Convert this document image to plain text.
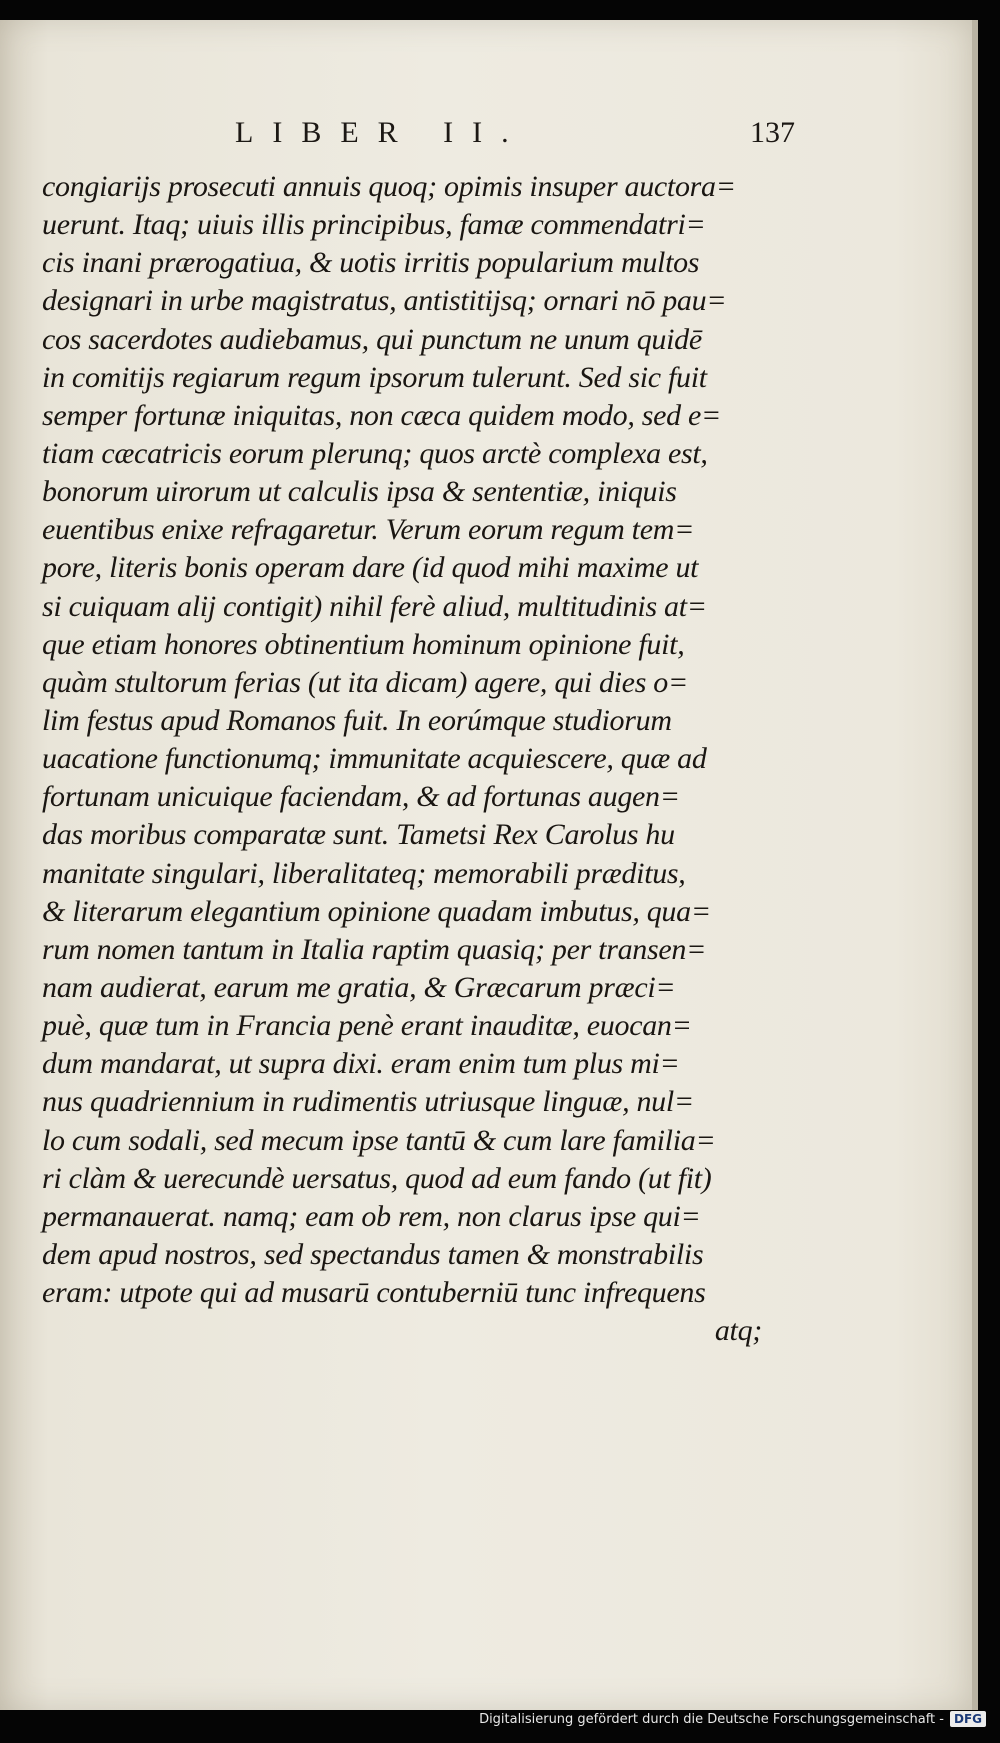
LIBER II.	137
congiarijs prosecuti annuis quoq; opimis insuper auctora=
uerunt. Itaq; uiuis illis principibus, famæ commendatri=
cis inani prærogatiua, & uotis irritis popularium multos
designari in urbe magistratus, antistitijsq; ornari nō pau=
cos sacerdotes audiebamus, qui punctum ne unum quidē
in comitijs regiarum regum ipsorum tulerunt. Sed sic fuit
semper fortunæ iniquitas, non cæca quidem modo, sed e=
tiam cæcatricis eorum plerunq; quos arctè complexa est,
bonorum uirorum ut calculis ipsa & sententiæ, iniquis
euentibus enixe refragaretur. Verum eorum regum tem=
pore, literis bonis operam dare (id quod mihi maxime ut
si cuiquam alij contigit) nihil ferè aliud, multitudinis at=
que etiam honores obtinentium hominum opinione fuit,
quàm stultorum ferias (ut ita dicam) agere, qui dies o=
lim festus apud Romanos fuit. In eorúmque studiorum
uacatione functionumq; immunitate acquiescere, quæ ad
fortunam unicuique faciendam, & ad fortunas augen=
das moribus comparatæ sunt. Tametsi Rex Carolus hu
manitate singulari, liberalitateq; memorabili præditus,
& literarum elegantium opinione quadam imbutus, qua=
rum nomen tantum in Italia raptim quasiq; per transen=
nam audierat, earum me gratia, & Græcarum præci=
puè, quæ tum in Francia penè erant inauditæ, euocan=
dum mandarat, ut supra dixi. eram enim tum plus mi=
nus quadriennium in rudimentis utriusque linguæ, nul=
lo cum sodali, sed mecum ipse tantū & cum lare familia=
ri clàm & uerecundè uersatus, quod ad eum fando (ut fit)
permanauerat. namq; eam ob rem, non clarus ipse qui=
dem apud nostros, sed spectandus tamen & monstrabilis
eram: utpote qui ad musarū contuberniū tunc infrequens
atq;
Digitalisierung gefördert durch die Deutsche Forschungsgemeinschaft - DFG
